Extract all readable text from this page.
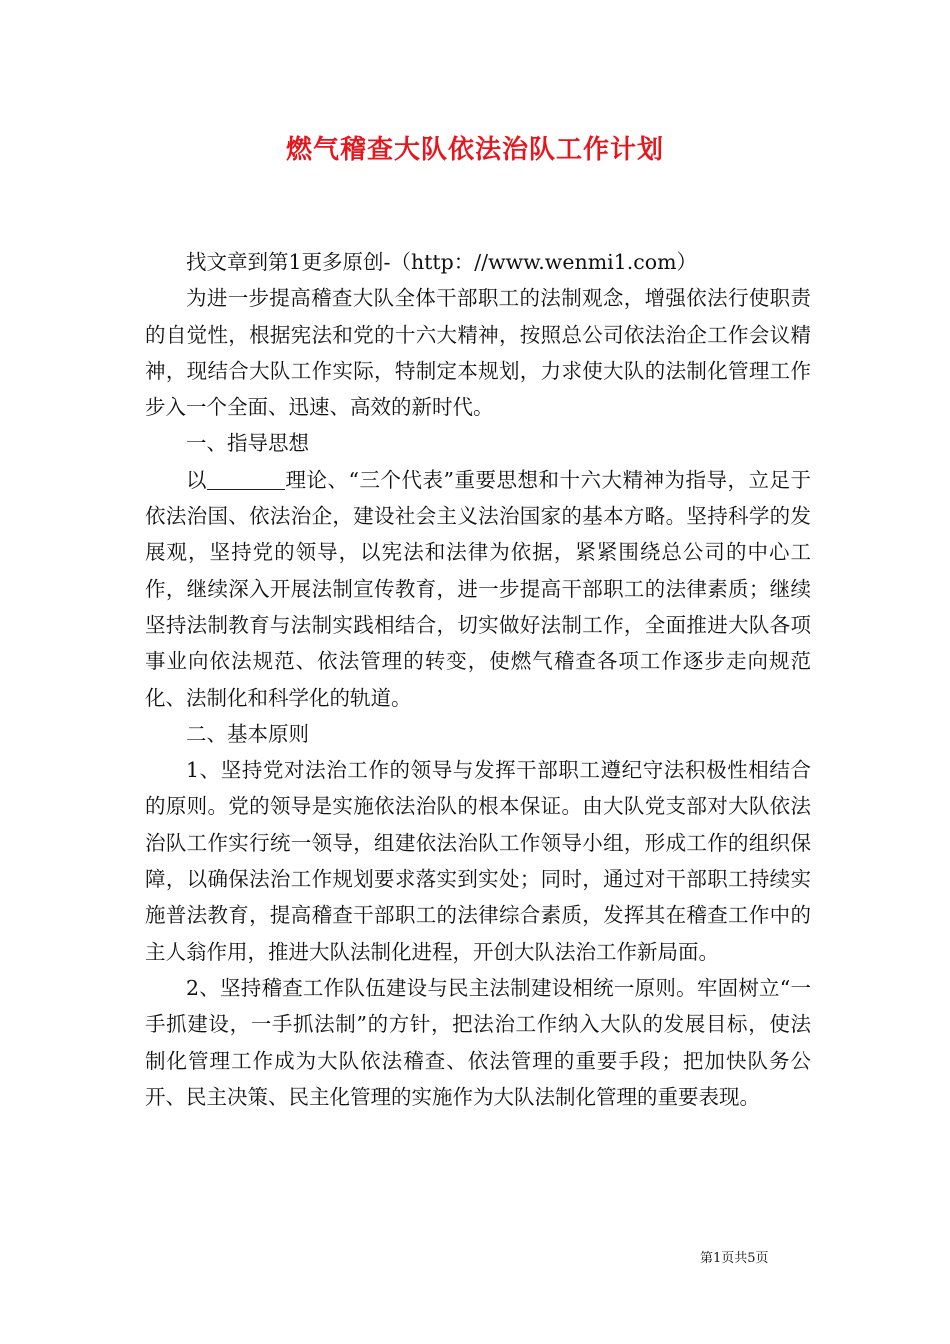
燃气稽查大队依法治队工作计划

找文章到第1更多原创-（http：//www.wenmi1.com）

为进一步提高稽查大队全体干部职工的法制观念，增强依法行使职责的自觉性，根据宪法和党的十六大精神，按照总公司依法治企工作会议精神，现结合大队工作实际，特制定本规划，力求使大队的法制化管理工作步入一个全面、迅速、高效的新时代。

一、指导思想

以	理论、“三个代表”重要思想和十六大精神为指导，立足于依法治国、依法治企，建设社会主义法治国家的基本方略。坚持科学的发展观，坚持党的领导，以宪法和法律为依据，紧紧围绕总公司的中心工作，继续深入开展法制宣传教育，进一步提高干部职工的法律素质；继续坚持法制教育与法制实践相结合，切实做好法制工作，全面推进大队各项事业向依法规范、依法管理的转变，使燃气稽查各项工作逐步走向规范化、法制化和科学化的轨道。

二、基本原则

1、坚持党对法治工作的领导与发挥干部职工遵纪守法积极性相结合的原则。党的领导是实施依法治队的根本保证。由大队党支部对大队依法治队工作实行统一领导，组建依法治队工作领导小组，形成工作的组织保障，以确保法治工作规划要求落实到实处；同时，通过对干部职工持续实施普法教育，提高稽查干部职工的法律综合素质，发挥其在稽查工作中的主人翁作用，推进大队法制化进程，开创大队法治工作新局面。

2、坚持稽查工作队伍建设与民主法制建设相统一原则。牢固树立“一手抓建设，一手抓法制”的方针，把法治工作纳入大队的发展目标，使法制化管理工作成为大队依法稽查、依法管理的重要手段；把加快队务公开、民主决策、民主化管理的实施作为大队法制化管理的重要表现。

第1页共5页
